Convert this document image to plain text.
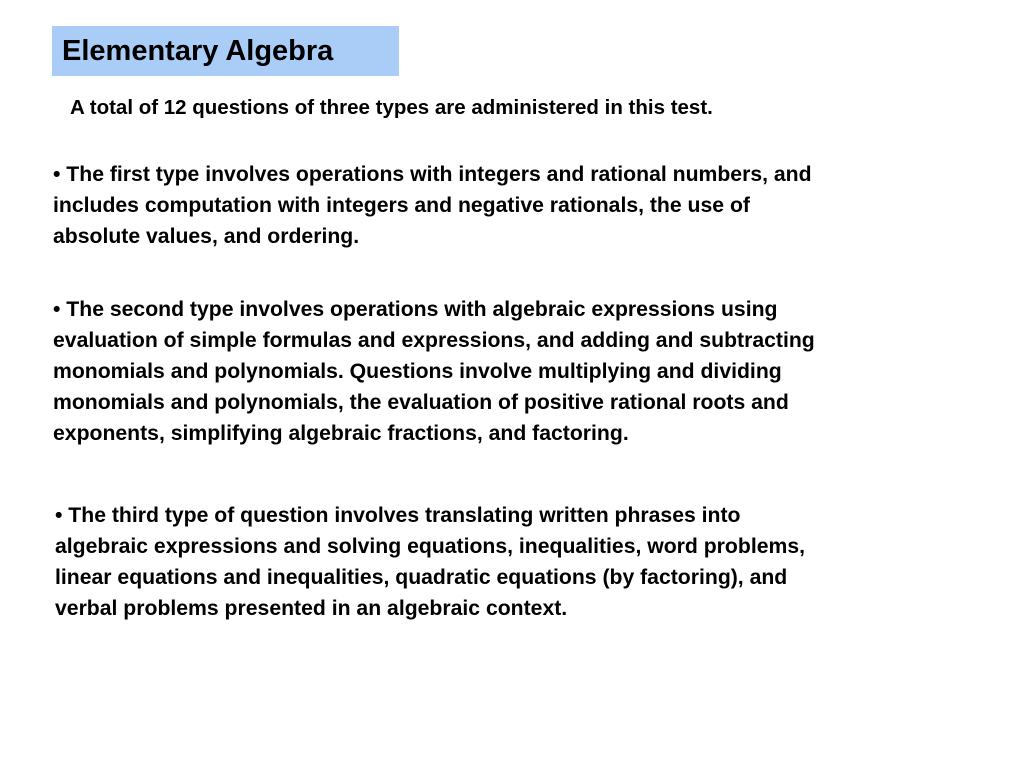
Elementary Algebra
A total of 12 questions of three types are administered in this test.
• The first type involves operations with integers and rational numbers, and
includes computation with integers and negative rationals, the use of
absolute values, and ordering.
• The second type involves operations with algebraic expressions using
evaluation of simple formulas and expressions, and adding and subtracting
monomials and polynomials. Questions involve multiplying and dividing
monomials and polynomials, the evaluation of positive rational roots and
exponents, simplifying algebraic fractions, and factoring.
• The third type of question involves translating written phrases into
algebraic expressions and solving equations, inequalities, word problems,
linear equations and inequalities, quadratic equations (by factoring), and
verbal problems presented in an algebraic context.
